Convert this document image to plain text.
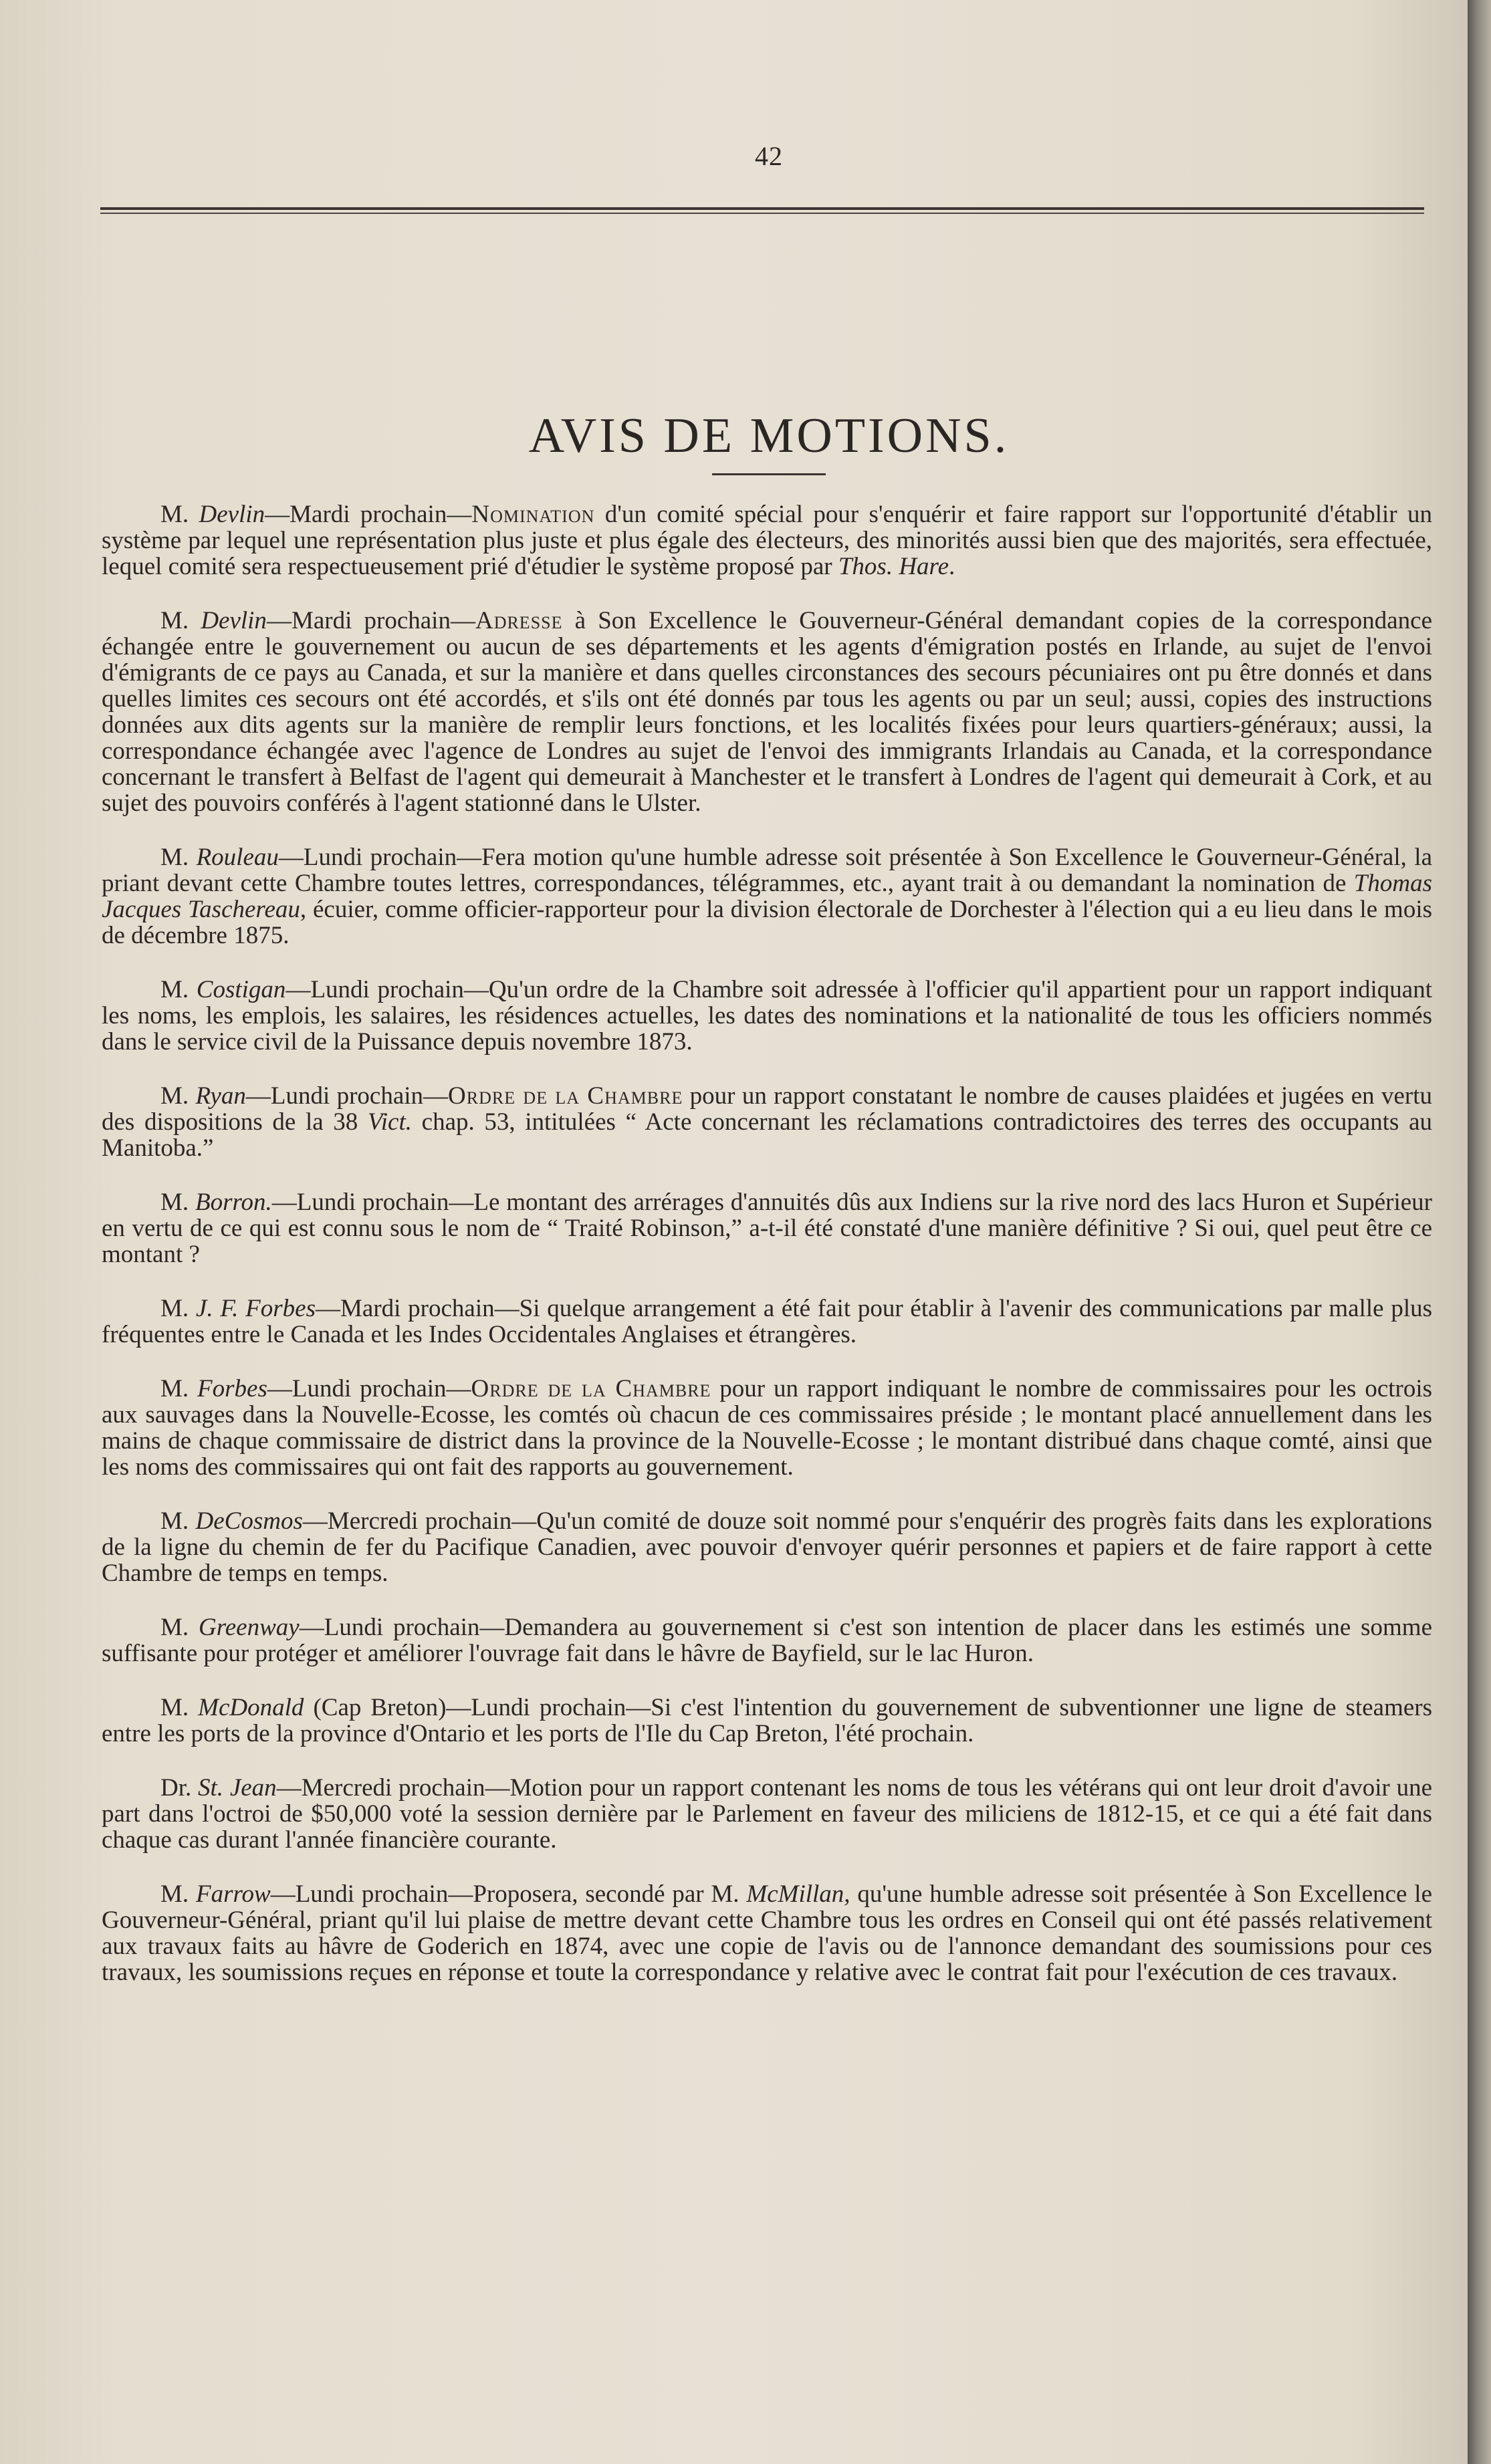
42
AVIS DE MOTIONS.

M. Devlin—Mardi prochain—Nomination d'un comité spécial pour s'enquérir et faire rapport sur l'opportunité d'établir un système par lequel une représentation plus juste et plus égale des électeurs, des minorités aussi bien que des majorités, sera effectuée, lequel comité sera respectueusement prié d'étudier le système proposé par Thos. Hare.

M. Devlin—Mardi prochain—Adresse à Son Excellence le Gouverneur-Général demandant copies de la correspondance échangée entre le gouvernement ou aucun de ses départements et les agents d'émigration postés en Irlande, au sujet de l'envoi d'émigrants de ce pays au Canada, et sur la manière et dans quelles circonstances des secours pécuniaires ont pu être donnés et dans quelles limites ces secours ont été accordés, et s'ils ont été donnés par tous les agents ou par un seul; aussi, copies des instructions données aux dits agents sur la manière de remplir leurs fonctions, et les localités fixées pour leurs quartiers-généraux; aussi, la correspondance échangée avec l'agence de Londres au sujet de l'envoi des immigrants Irlandais au Canada, et la correspondance concernant le transfert à Belfast de l'agent qui demeurait à Manchester et le transfert à Londres de l'agent qui demeurait à Cork, et au sujet des pouvoirs conférés à l'agent stationné dans le Ulster.

M. Rouleau—Lundi prochain—Fera motion qu'une humble adresse soit présentée à Son Excellence le Gouverneur-Général, la priant devant cette Chambre toutes lettres, correspondances, télégrammes, etc., ayant trait à ou demandant la nomination de Thomas Jacques Taschereau, écuier, comme officier-rapporteur pour la division électorale de Dorchester à l'élection qui a eu lieu dans le mois de décembre 1875.

M. Costigan—Lundi prochain—Qu'un ordre de la Chambre soit adressée à l'officier qu'il appartient pour un rapport indiquant les noms, les emplois, les salaires, les résidences actuelles, les dates des nominations et la nationalité de tous les officiers nommés dans le service civil de la Puissance depuis novembre 1873.

M. Ryan—Lundi prochain—Ordre de la Chambre pour un rapport constatant le nombre de causes plaidées et jugées en vertu des dispositions de la 38 Vict. chap. 53, intitulées “ Acte concernant les réclamations contradictoires des terres des occupants au Manitoba.”

M. Borron.—Lundi prochain—Le montant des arrérages d'annuités dûs aux Indiens sur la rive nord des lacs Huron et Supérieur en vertu de ce qui est connu sous le nom de “ Traité Robinson,” a-t-il été constaté d'une manière définitive ? Si oui, quel peut être ce montant ?

M. J. F. Forbes—Mardi prochain—Si quelque arrangement a été fait pour établir à l'avenir des communications par malle plus fréquentes entre le Canada et les Indes Occidentales Anglaises et étrangères.

M. Forbes—Lundi prochain—Ordre de la Chambre pour un rapport indiquant le nombre de commissaires pour les octrois aux sauvages dans la Nouvelle-Ecosse, les comtés où chacun de ces commissaires préside ; le montant placé annuellement dans les mains de chaque commissaire de district dans la province de la Nouvelle-Ecosse ; le montant distribué dans chaque comté, ainsi que les noms des commissaires qui ont fait des rapports au gouvernement.

M. DeCosmos—Mercredi prochain—Qu'un comité de douze soit nommé pour s'enquérir des progrès faits dans les explorations de la ligne du chemin de fer du Pacifique Canadien, avec pouvoir d'envoyer quérir personnes et papiers et de faire rapport à cette Chambre de temps en temps.

M. Greenway—Lundi prochain—Demandera au gouvernement si c'est son intention de placer dans les estimés une somme suffisante pour protéger et améliorer l'ouvrage fait dans le hâvre de Bayfield, sur le lac Huron.

M. McDonald (Cap Breton)—Lundi prochain—Si c'est l'intention du gouvernement de subventionner une ligne de steamers entre les ports de la province d'Ontario et les ports de l'Ile du Cap Breton, l'été prochain.

Dr. St. Jean—Mercredi prochain—Motion pour un rapport contenant les noms de tous les vétérans qui ont leur droit d'avoir une part dans l'octroi de $50,000 voté la session dernière par le Parlement en faveur des miliciens de 1812-15, et ce qui a été fait dans chaque cas durant l'année financière courante.

M. Farrow—Lundi prochain—Proposera, secondé par M. McMillan, qu'une humble adresse soit présentée à Son Excellence le Gouverneur-Général, priant qu'il lui plaise de mettre devant cette Chambre tous les ordres en Conseil qui ont été passés relativement aux travaux faits au hâvre de Goderich en 1874, avec une copie de l'avis ou de l'annonce demandant des soumissions pour ces travaux, les soumissions reçues en réponse et toute la correspondance y relative avec le contrat fait pour l'exécution de ces travaux.
